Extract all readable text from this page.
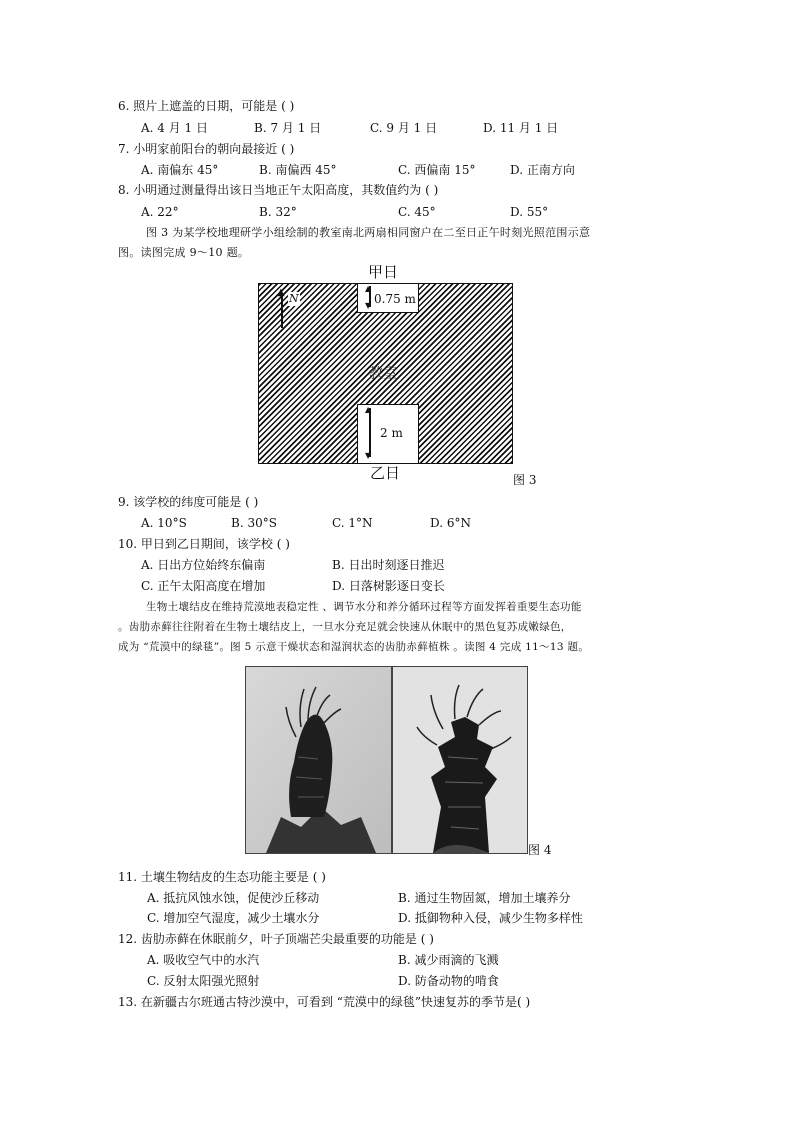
6. 照片上遮盖的日期，可能是 ( )
A. 4 月 1 日	B. 7 月 1 日	C. 9 月 1 日	D. 11 月 1 日
7. 小明家前阳台的朝向最接近 ( )
A. 南偏东 45°	B. 南偏西 45°	C. 西偏南 15°	D. 正南方向
8. 小明通过测量得出该日当地正午太阳高度，其数值约为 ( )
A. 22°	B. 32°	C. 45°	D. 55°
图 3 为某学校地理研学小组绘制的教室南北两扇相同窗户在二至日正午时刻光照范围示意
图。读图完成 9～10 题。
甲日
▲
▼ 0.75 m
▲ N
教室
▲
▼
2 m
乙日	图 3
9. 该学校的纬度可能是 ( )
A. 10°S	B. 30°S	C. 1°N	D. 6°N
10. 甲日到乙日期间，该学校 ( )
A. 日出方位始终东偏南	B. 日出时刻逐日推迟
C. 正午太阳高度在增加	D. 日落树影逐日变长
生物土壤结皮在维持荒漠地表稳定性 、调节水分和养分循环过程等方面发挥着重要生态功能
。齿肋赤藓往往附着在生物土壤结皮上，一旦水分充足就会快速从休眠中的黑色复苏成嫩绿色，
成为 “荒漠中的绿毯”。图 5 示意干燥状态和湿润状态的齿肋赤藓植株 。读图 4 完成 11～13 题。
图 4
11. 土壤生物结皮的生态功能主要是 ( )
A. 抵抗风蚀水蚀，促使沙丘移动	B. 通过生物固氮，增加土壤养分
C. 增加空气湿度，减少土壤水分	D. 抵御物种入侵，减少生物多样性
12. 齿肋赤藓在休眠前夕，叶子顶端芒尖最重要的功能是 ( )
A. 吸收空气中的水汽	B. 减少雨滴的飞溅
C. 反射太阳强光照射	D. 防备动物的啃食
13. 在新疆古尔班通古特沙漠中，可看到 “荒漠中的绿毯”快速复苏的季节是( )
